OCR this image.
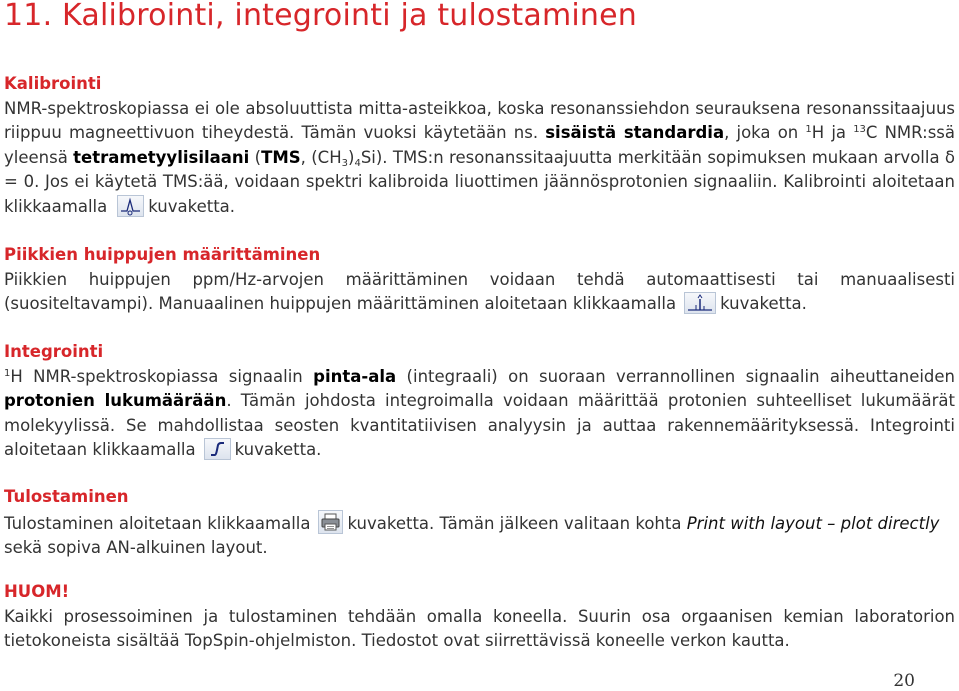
11. Kalibrointi, integrointi ja tulostaminen
Kalibrointi

NMR-spektroskopiassa ei ole absoluuttista mitta-asteikkoa, koska resonanssiehdon seurauksena resonanssitaajuus riippuu magneettivuon tiheydestä. Tämän vuoksi käytetään ns. sisäistä standardia, joka on $^1$H ja $^{13}$C NMR:ssä yleensä tetrametyylisilaani (TMS, $(CH_3)_4Si$). TMS:n resonanssitaajuutta merkitään sopimuksen mukaan arvolla δ = 0. Jos ei käytetä TMS:ää, voidaan spektri kalibroida liuottimen jäännösprotonien signaaliin. Kalibrointi aloitetaan klikkaamalla kuvaketta.

Piikkien huippujen määrittäminen

Piikkien huippujen ppm/Hz-arvojen määrittäminen voidaan tehdä automaattisesti tai manuaalisesti (suositeltavampi). Manuaalinen huippujen määrittäminen aloitetaan klikkaamalla	kuvaketta.

Integrointi

$^1$H NMR-spektroskopiassa signaalin pinta-ala (integraali) on suoraan verrannollinen signaalin aiheuttaneiden protonien lukumäärään. Tämän johdosta integroimalla voidaan määrittää protonien suhteelliset lukumäärät molekyylissä. Se mahdollistaa seosten kvantitatiivisen analyysin ja auttaa rakennemäärityksessä. Integrointi aloitetaan klikkaamalla kuvaketta.

Tulostaminen

Tulostaminen aloitetaan klikkaamalla kuvaketta. Tämän jälkeen valitaan kohta Print with layout – plot directly sekä sopiva AN-alkuinen layout.

HUOM!

Kaikki prosessoiminen ja tulostaminen tehdään omalla koneella. Suurin osa orgaanisen kemian laboratorion tietokoneista sisältää TopSpin-ohjelmiston. Tiedostot ovat siirrettävissä koneelle verkon kautta.

20
